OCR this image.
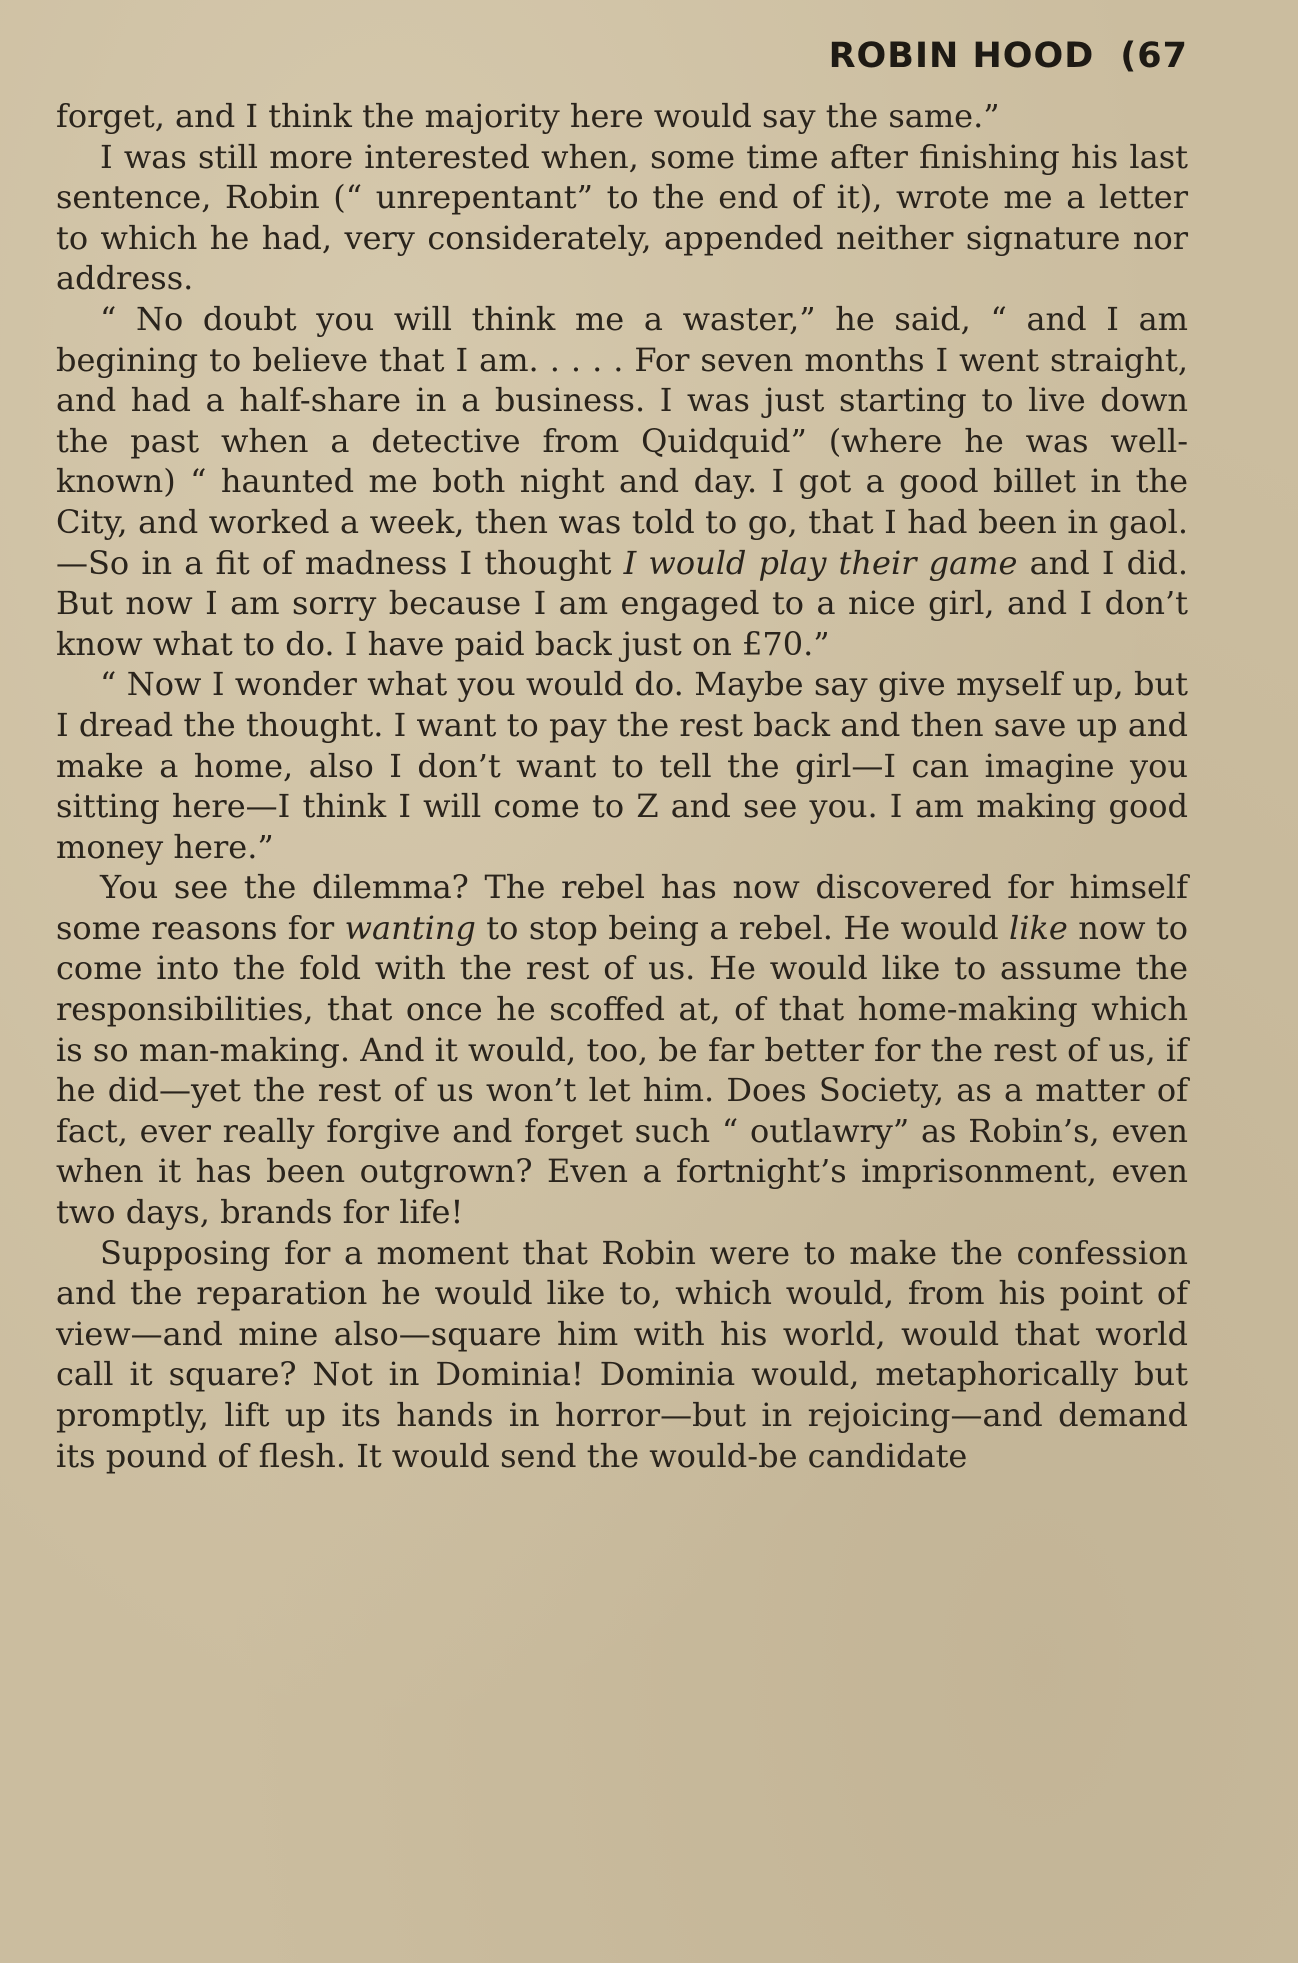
ROBIN HOOD (67

forget, and I think the majority here would say the same.”

I was still more interested when, some time after finishing his last sentence, Robin (“ unrepentant” to the end of it), wrote me a letter to which he had, very considerately, appended neither signature nor address.

“ No doubt you will think me a waster,” he said, “ and I am begining to believe that I am. . . . . For seven months I went straight, and had a half-share in a business. I was just starting to live down the past when a detective from Quidquid” (where he was well-known) “ haunted me both night and day. I got a good billet in the City, and worked a week, then was told to go, that I had been in gaol.—So in a fit of madness I thought I would play their game and I did. But now I am sorry because I am engaged to a nice girl, and I don’t know what to do. I have paid back just on £70.”

“ Now I wonder what you would do. Maybe say give myself up, but I dread the thought. I want to pay the rest back and then save up and make a home, also I don’t want to tell the girl—I can imagine you sitting here—I think I will come to Z and see you. I am making good money here.”

You see the dilemma? The rebel has now discovered for himself some reasons for wanting to stop being a rebel. He would like now to come into the fold with the rest of us. He would like to assume the responsibilities, that once he scoffed at, of that home-making which is so man-making. And it would, too, be far better for the rest of us, if he did—yet the rest of us won’t let him. Does Society, as a matter of fact, ever really forgive and forget such “ outlawry” as Robin’s, even when it has been outgrown? Even a fortnight’s imprisonment, even two days, brands for life!

Supposing for a moment that Robin were to make the confession and the reparation he would like to, which would, from his point of view—and mine also—square him with his world, would that world call it square? Not in Dominia! Dominia would, metaphorically but promptly, lift up its hands in horror—but in rejoicing—and demand its pound of flesh. It would send the would-be candidate
